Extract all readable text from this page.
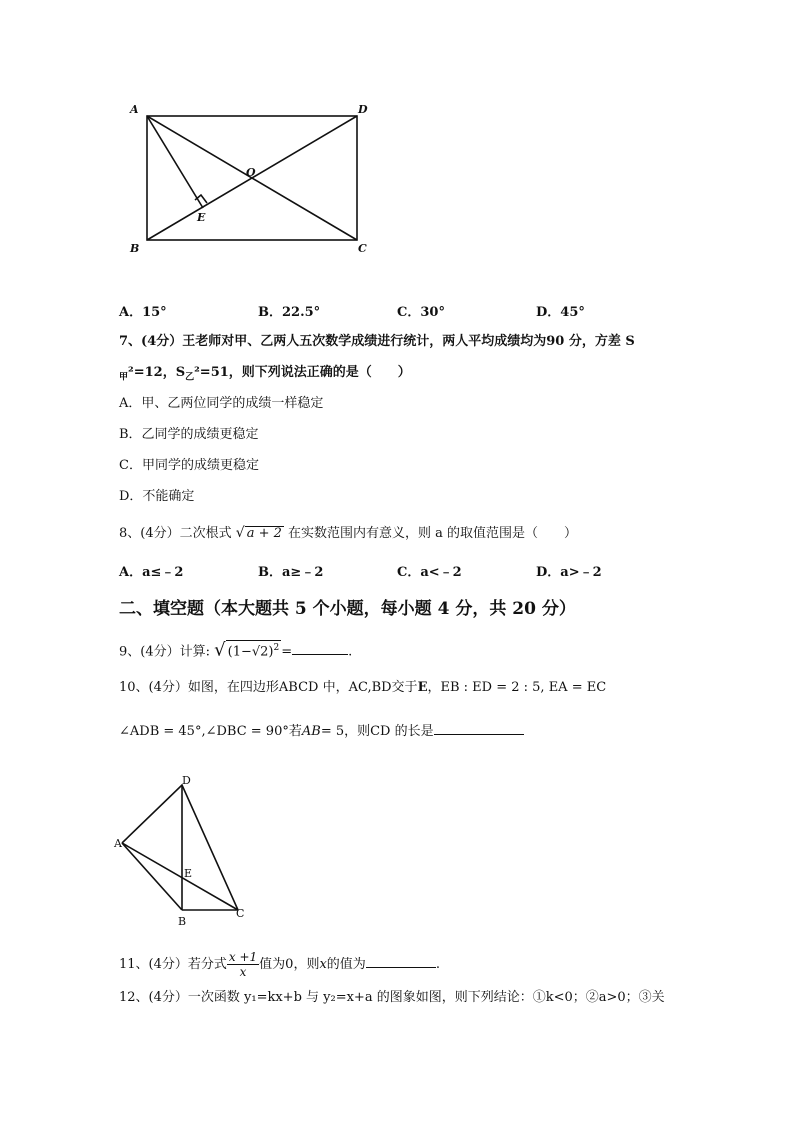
A	D
O
E
B	C
A．15°	B．22.5°	C．30°	D．45°
7、(4分）王老师对甲、乙两人五次数学成绩进行统计，两人平均成绩均为90 分，方差 S
$_甲$²=12，$S_乙^2=51$，则下列说法正确的是（　　）
A．甲、乙两位同学的成绩一样稳定
B．乙同学的成绩更稳定
C．甲同学的成绩更稳定
D．不能确定
8、(4分）二次根式 √ a + 2 在实数范围内有意义，则 a 的取值范围是（　　）
A．a≤﹣2	B．a≥﹣2	C．a<﹣2	D．a>﹣2
二、填空题（本大题共 5 个小题，每小题 4 分，共 20 分）
9、(4分）计算: √ $(1-√2)^2$ =	.
10、(4分）如图，在四边形ABCD 中，AC,BD交于E，EB : ED = 2 : 5, EA = EC
∠ADB = 45°,∠DBC = 90°若AB= 5，则CD 的长是
D
A
E
B
C
11、(4分）若分式 $\frac{x +1}{x}$ 值为0，则x的值为	.
12、(4分）一次函数 y₁=kx+b 与 y₂=x+a 的图象如图，则下列结论：①k<0；②a>0；③关
